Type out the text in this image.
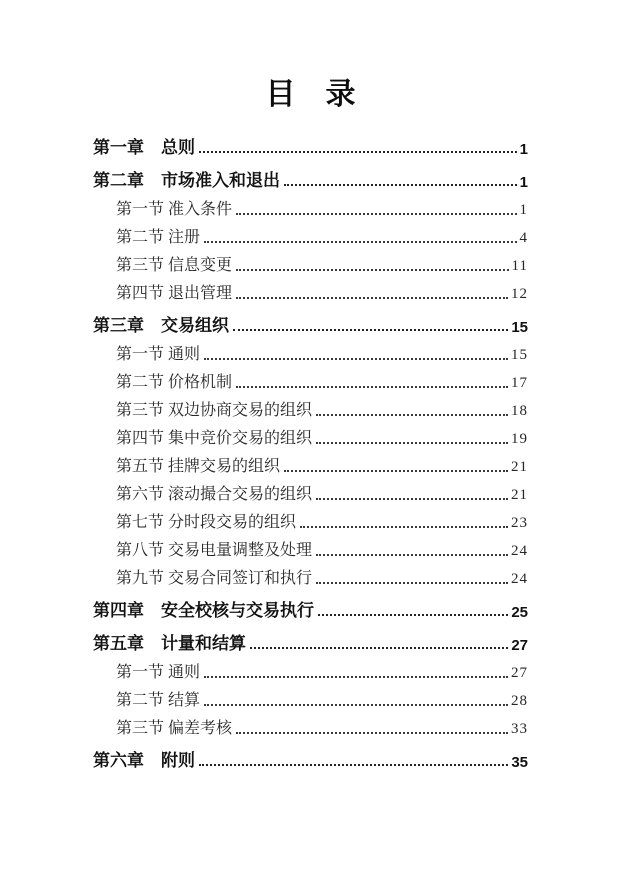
目　录
第一章　总则	1
第二章　市场准入和退出	1
第一节 准入条件	1
第二节 注册	4
第三节 信息变更	11
第四节 退出管理	12
第三章　交易组织	15
第一节 通则	15
第二节 价格机制	17
第三节 双边协商交易的组织	18
第四节 集中竞价交易的组织	19
第五节 挂牌交易的组织	21
第六节 滚动撮合交易的组织	21
第七节 分时段交易的组织	23
第八节 交易电量调整及处理	24
第九节 交易合同签订和执行	24
第四章　安全校核与交易执行	25
第五章　计量和结算	27
第一节 通则	27
第二节 结算	28
第三节 偏差考核	33
第六章　附则	35
